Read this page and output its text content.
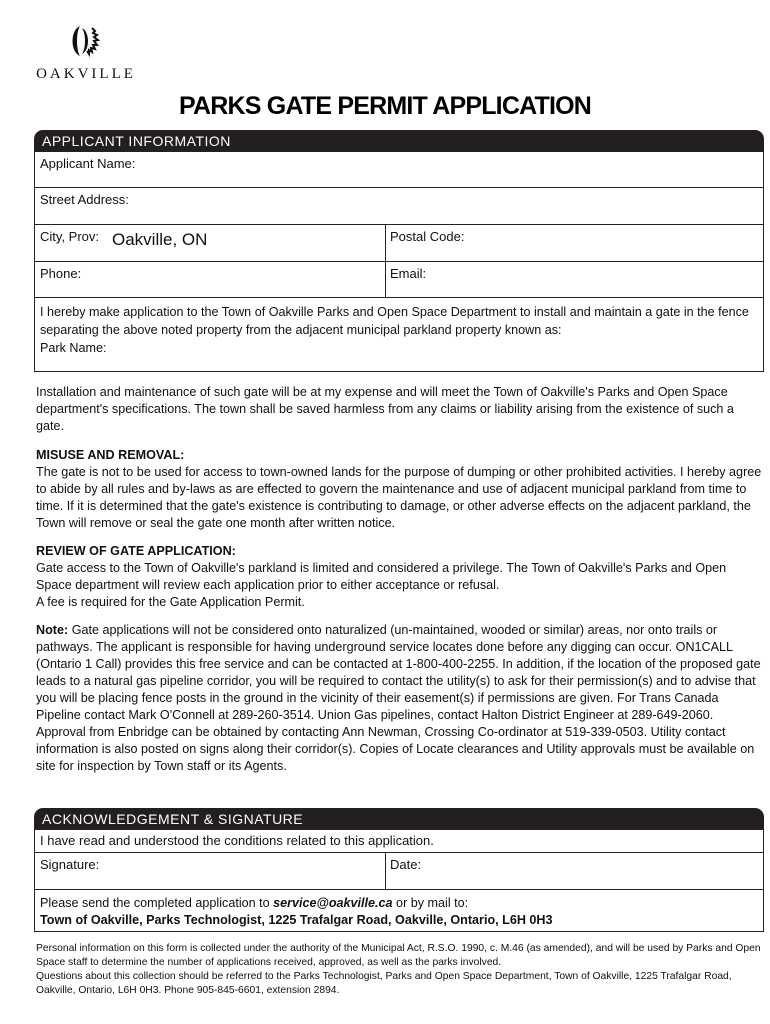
OAKVILLE
PARKS GATE PERMIT APPLICATION
APPLICANT INFORMATION
Applicant Name:
Street Address:
City, Prov: Oakville, ON	Postal Code:
Phone:	Email:

I hereby make application to the Town of Oakville Parks and Open Space Department to install and maintain a gate in the fence separating the above noted property from the adjacent municipal parkland property known as:

Park Name:

Installation and maintenance of such gate will be at my expense and will meet the Town of Oakville's Parks and Open Space department's specifications. The town shall be saved harmless from any claims or liability arising from the existence of such a gate.

MISUSE AND REMOVAL:

The gate is not to be used for access to town-owned lands for the purpose of dumping or other prohibited activities. I hereby agree to abide by all rules and by-laws as are effected to govern the maintenance and use of adjacent municipal parkland from time to time. If it is determined that the gate's existence is contributing to damage, or other adverse effects on the adjacent parkland, the Town will remove or seal the gate one month after written notice.

REVIEW OF GATE APPLICATION:

Gate access to the Town of Oakville's parkland is limited and considered a privilege. The Town of Oakville's Parks and Open Space department will review each application prior to either acceptance or refusal.

A fee is required for the Gate Application Permit.

Note: Gate applications will not be considered onto naturalized (un-maintained, wooded or similar) areas, nor onto trails or pathways. The applicant is responsible for having underground service locates done before any digging can occur. ON1CALL (Ontario 1 Call) provides this free service and can be contacted at 1-800-400-2255. In addition, if the location of the proposed gate leads to a natural gas pipeline corridor, you will be required to contact the utility(s) to ask for their permission(s) and to advise that you will be placing fence posts in the ground in the vicinity of their easement(s) if permissions are given. For Trans Canada Pipeline contact Mark O'Connell at 289-260-3514. Union Gas pipelines, contact Halton District Engineer at 289-649-2060. Approval from Enbridge can be obtained by contacting Ann Newman, Crossing Co-ordinator at 519-339-0503. Utility contact information is also posted on signs along their corridor(s). Copies of Locate clearances and Utility approvals must be available on site for inspection by Town staff or its Agents.

ACKNOWLEDGEMENT & SIGNATURE
I have read and understood the conditions related to this application.
Signature:	Date:

Please send the completed application to service@oakville.ca or by mail to:

Town of Oakville, Parks Technologist, 1225 Trafalgar Road, Oakville, Ontario, L6H 0H3

Personal information on this form is collected under the authority of the Municipal Act, R.S.O. 1990, c. M.46 (as amended), and will be used by Parks and Open Space staff to determine the number of applications received, approved, as well as the parks involved.

Questions about this collection should be referred to the Parks Technologist, Parks and Open Space Department, Town of Oakville, 1225 Trafalgar Road, Oakville, Ontario, L6H 0H3. Phone 905-845-6601, extension 2894.
